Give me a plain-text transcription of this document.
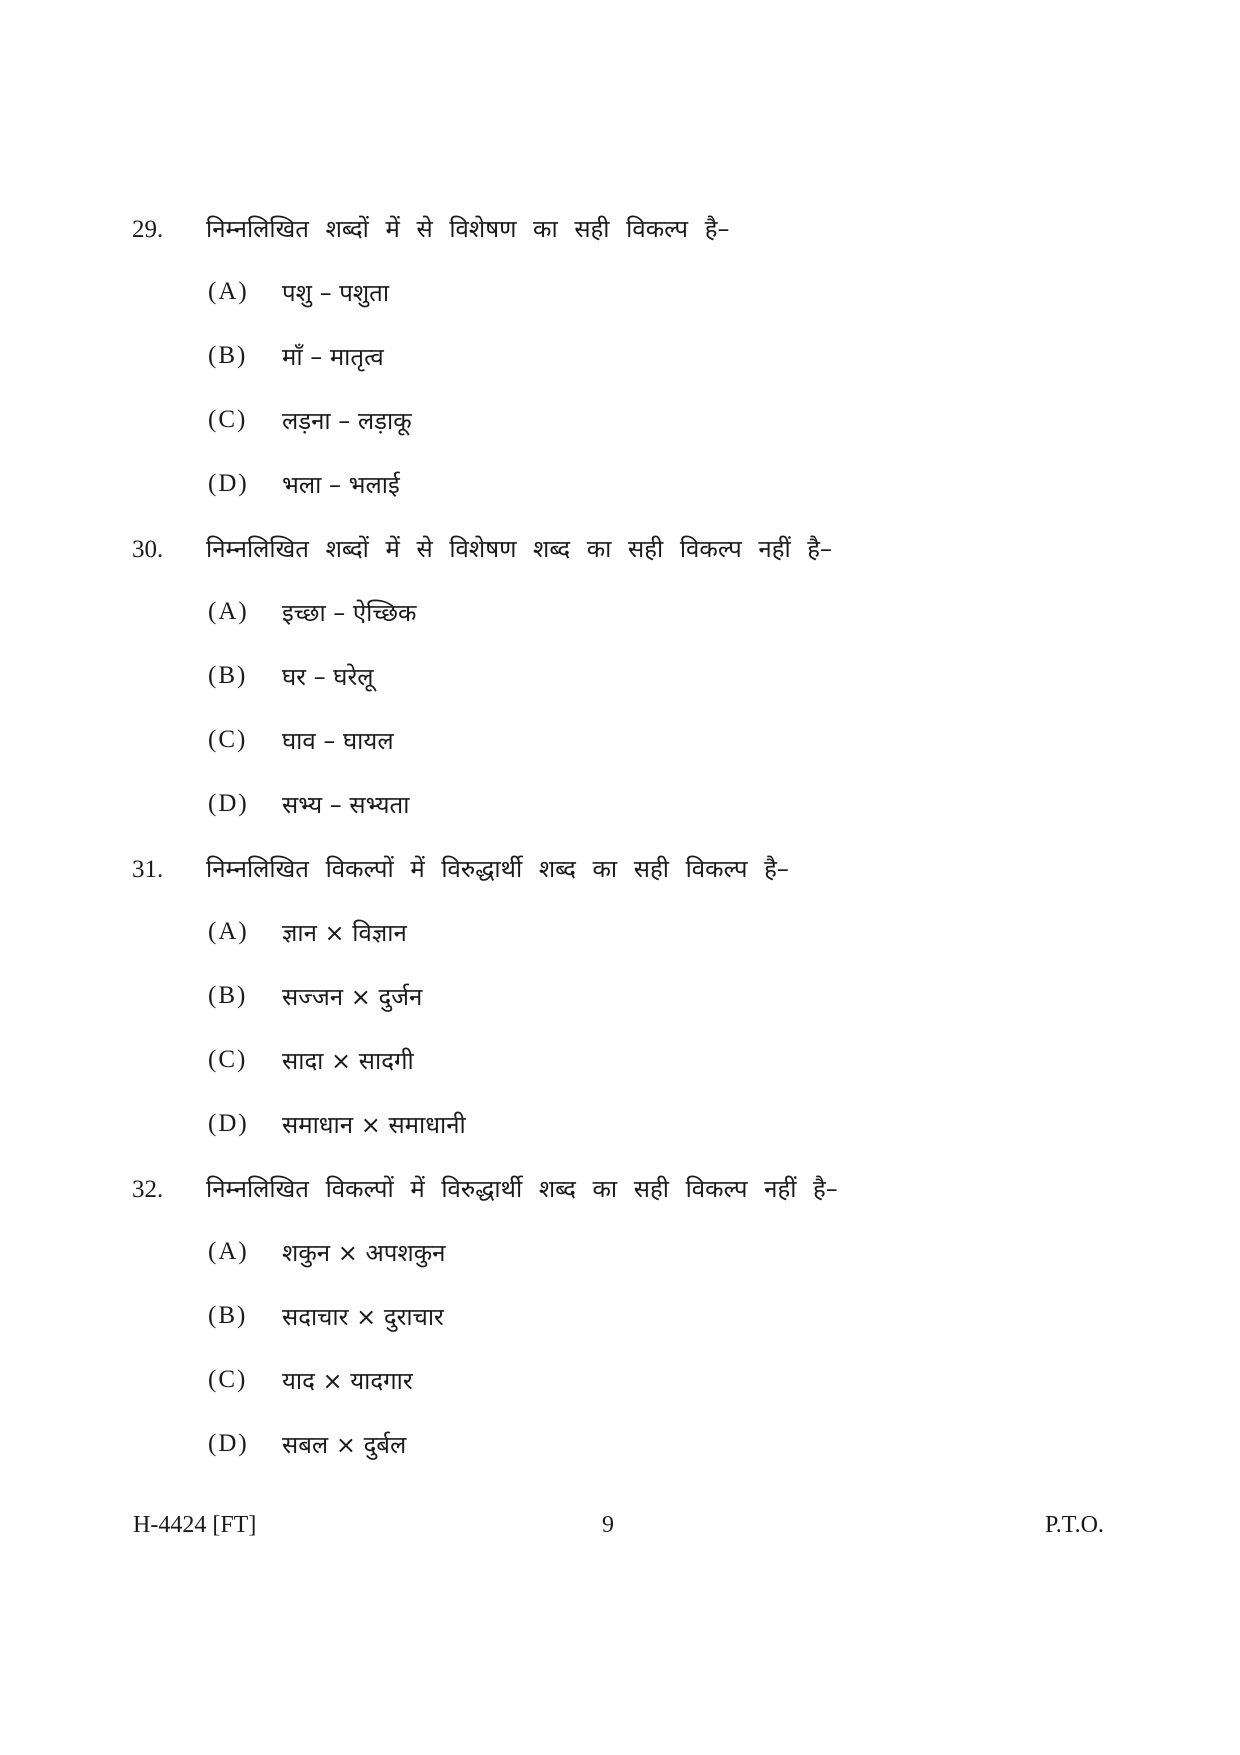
29. निम्नलिखित शब्दों में से विशेषण का सही विकल्प है–
(A) पशु – पशुता
(B) माँ – मातृत्व
(C) लड़ना – लड़ाकू
(D) भला – भलाई
30. निम्नलिखित शब्दों में से विशेषण शब्द का सही विकल्प नहीं है–
(A) इच्छा – ऐच्छिक
(B) घर – घरेलू
(C) घाव – घायल
(D) सभ्य – सभ्यता
31. निम्नलिखित विकल्पों में विरुद्धार्थी शब्द का सही विकल्प है–
(A) ज्ञान × विज्ञान
(B) सज्जन × दुर्जन
(C) सादा × सादगी
(D) समाधान × समाधानी
32. निम्नलिखित विकल्पों में विरुद्धार्थी शब्द का सही विकल्प नहीं है–
(A) शकुन × अपशकुन
(B) सदाचार × दुराचार
(C) याद × यादगार
(D) सबल × दुर्बल
H-4424 [FT]	9	P.T.O.
